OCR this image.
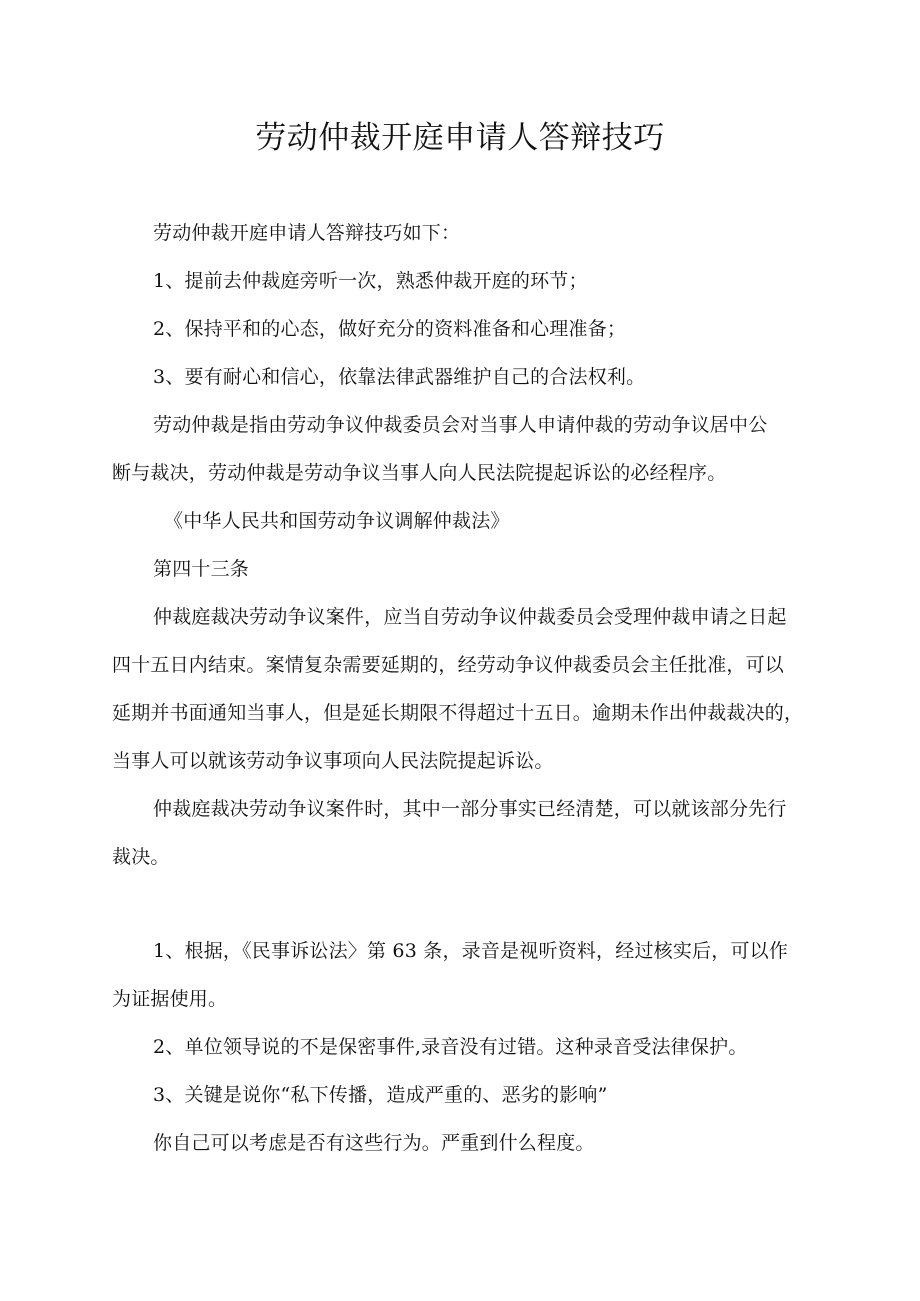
劳动仲裁开庭申请人答辩技巧
劳动仲裁开庭申请人答辩技巧如下：
1、提前去仲裁庭旁听一次，熟悉仲裁开庭的环节；
2、保持平和的心态，做好充分的资料准备和心理准备；
3、要有耐心和信心，依靠法律武器维护自己的合法权利。
劳动仲裁是指由劳动争议仲裁委员会对当事人申请仲裁的劳动争议居中公
断与裁决，劳动仲裁是劳动争议当事人向人民法院提起诉讼的必经程序。
《中华人民共和国劳动争议调解仲裁法》
第四十三条
仲裁庭裁决劳动争议案件，应当自劳动争议仲裁委员会受理仲裁申请之日起
四十五日内结束。案情复杂需要延期的，经劳动争议仲裁委员会主任批准，可以
延期并书面通知当事人，但是延长期限不得超过十五日。逾期未作出仲裁裁决的，
当事人可以就该劳动争议事项向人民法院提起诉讼。
仲裁庭裁决劳动争议案件时，其中一部分事实已经清楚，可以就该部分先行
裁决。
1、根据，《民事诉讼法〉第 63 条，录音是视听资料，经过核实后，可以作
为证据使用。
2、单位领导说的不是保密事件,录音没有过错。这种录音受法律保护。
3、关键是说你“私下传播，造成严重的、恶劣的影响”
你自己可以考虑是否有这些行为。严重到什么程度。
